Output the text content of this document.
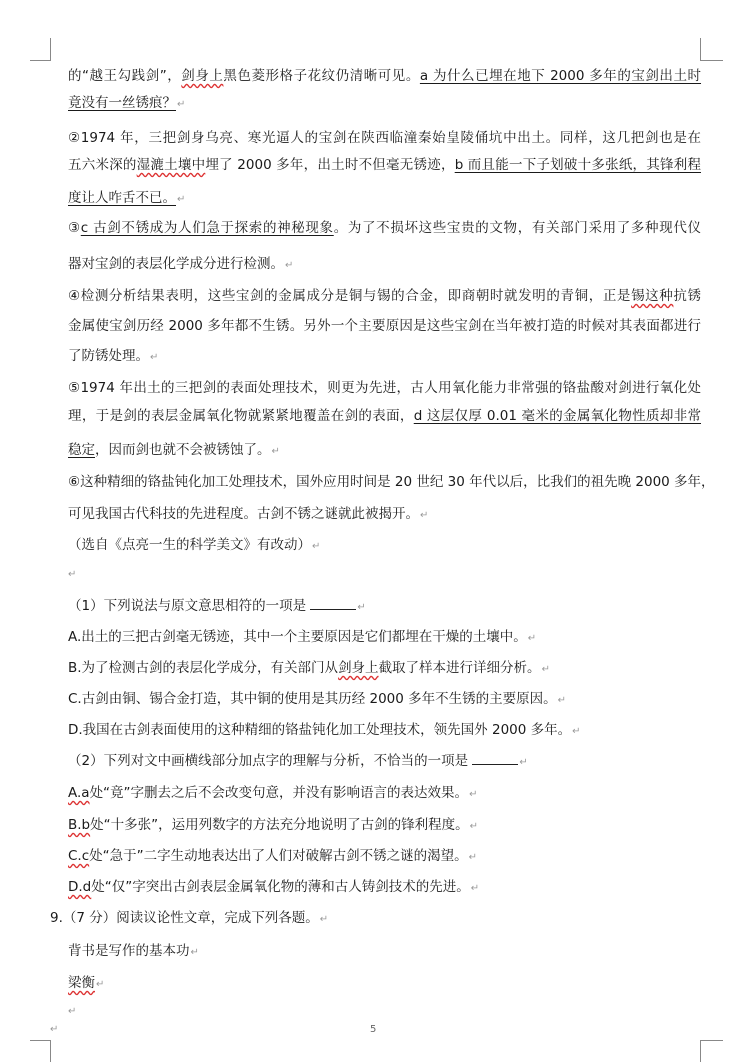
的“越王勾践剑”，剑身上黑色菱形格子花纹仍清晰可见。a 为什么已埋在地下 2000 多年的宝剑出土时
竟没有一丝锈痕？↵
②1974 年，三把剑身乌亮、寒光逼人的宝剑在陕西临潼秦始皇陵俑坑中出土。同样，这几把剑也是在
五六米深的湿漉土壤中埋了 2000 多年，出土时不但毫无锈迹，b 而且能一下子划破十多张纸，其锋利程
度让人咋舌不已。↵
③c 古剑不锈成为人们急于探索的神秘现象。为了不损坏这些宝贵的文物，有关部门采用了多种现代仪
器对宝剑的表层化学成分进行检测。↵
④检测分析结果表明，这些宝剑的金属成分是铜与锡的合金，即商朝时就发明的青铜，正是锡这种抗锈
金属使宝剑历经 2000 多年都不生锈。另外一个主要原因是这些宝剑在当年被打造的时候对其表面都进行
了防锈处理。↵
⑤1974 年出土的三把剑的表面处理技术，则更为先进，古人用氧化能力非常强的铬盐酸对剑进行氧化处
理，于是剑的表层金属氧化物就紧紧地覆盖在剑的表面，d 这层仅厚 0.01 毫米的金属氧化物性质却非常
稳定，因而剑也就不会被锈蚀了。↵
⑥这种精细的铬盐钝化加工处理技术，国外应用时间是 20 世纪 30 年代以后，比我们的祖先晚 2000 多年，
可见我国古代科技的先进程度。古剑不锈之谜就此被揭开。↵
（选自《点亮一生的科学美文》有改动）↵
↵
（1）下列说法与原文意思相符的一项是	↵
A.出土的三把古剑毫无锈迹，其中一个主要原因是它们都埋在干燥的土壤中。↵
B.为了检测古剑的表层化学成分，有关部门从剑身上截取了样本进行详细分析。↵
C.古剑由铜、锡合金打造，其中铜的使用是其历经 2000 多年不生锈的主要原因。↵
D.我国在古剑表面使用的这种精细的铬盐钝化加工处理技术，领先国外 2000 多年。↵
（2）下列对文中画横线部分加点字的理解与分析，不恰当的一项是	↵
A.a处“竟”字删去之后不会改变句意，并没有影响语言的表达效果。↵
B.b处“十多张”，运用列数字的方法充分地说明了古剑的锋利程度。↵
C.c处“急于”二字生动地表达出了人们对破解古剑不锈之谜的渴望。↵
D.d处“仅”字突出古剑表层金属氧化物的薄和古人铸剑技术的先进。↵
9.（7 分）阅读议论性文章，完成下列各题。↵
背书是写作的基本功↵
梁衡↵
↵
↵	5
